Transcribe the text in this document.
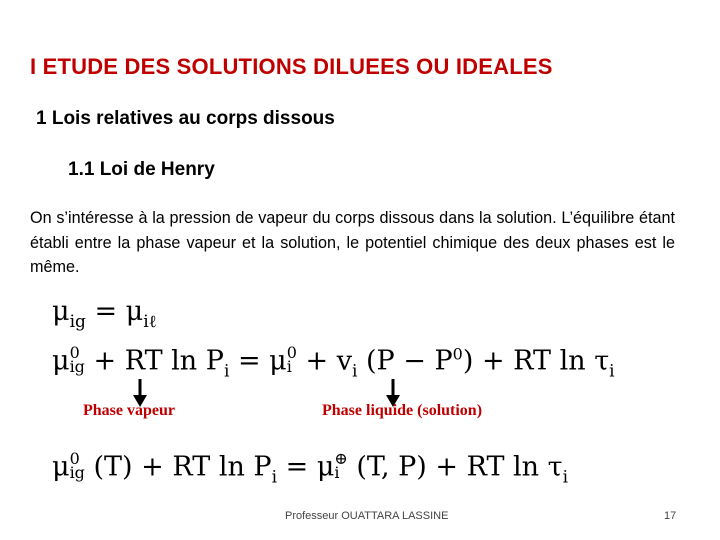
I ETUDE DES SOLUTIONS DILUEES OU IDEALES
1 Lois relatives au corps dissous
1.1 Loi de Henry
On s’intéresse à la pression de vapeur du corps dissous dans la solution. L’équilibre étant établi entre la phase vapeur et la solution, le potentiel chimique des deux phases est le même.
$\mu_{ig} = \mu_{i\ell}$
μ 0
ig + RT $\ln P_i = \mu$ 0
$i + v_i$ $(P - P^0)$ + RT $\ln \tau_i$
Phase vapeur	Phase liquide (solution)
μ 0
ig (T) + RT $\ln P_i = \mu$ ⊕
i (T, P) + RT $\ln \tau_i$
Professeur OUATTARA LASSINE	17
